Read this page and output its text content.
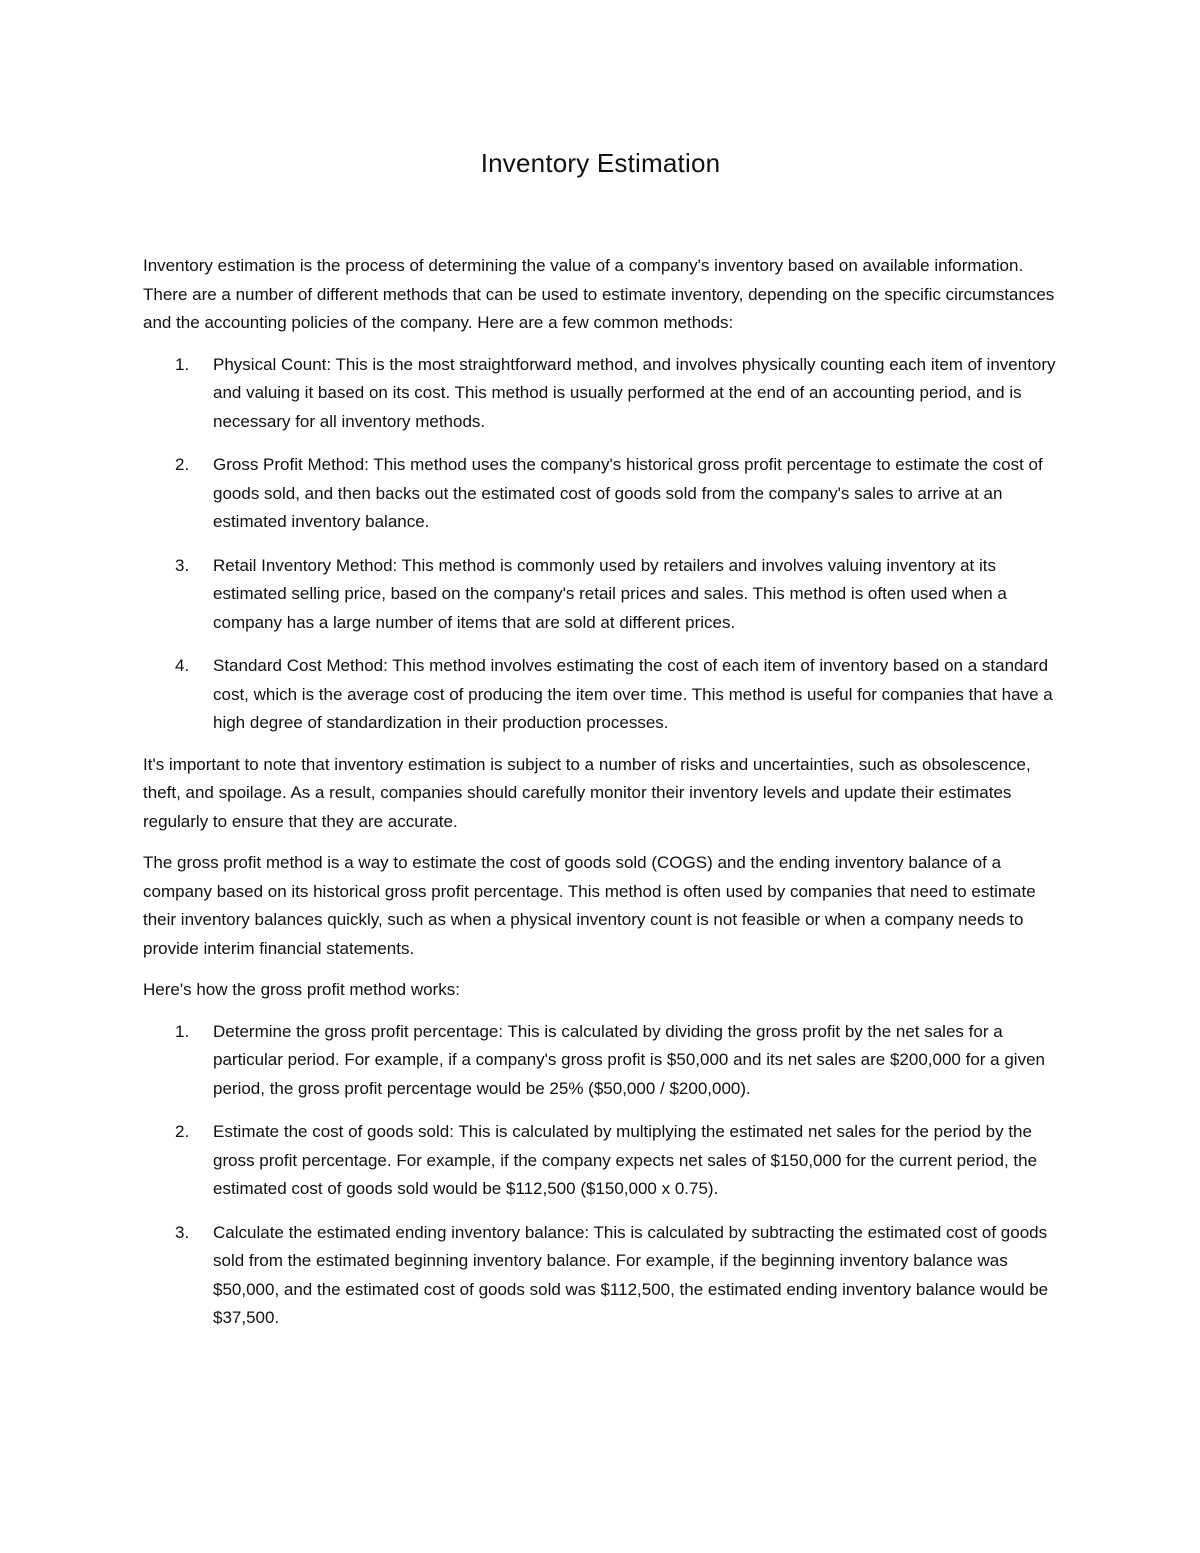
Inventory Estimation

Inventory estimation is the process of determining the value of a company's inventory based on available information. There are a number of different methods that can be used to estimate inventory, depending on the specific circumstances and the accounting policies of the company. Here are a few common methods:

1. Physical Count: This is the most straightforward method, and involves physically counting each item of inventory and valuing it based on its cost. This method is usually performed at the end of an accounting period, and is necessary for all inventory methods.
2. Gross Profit Method: This method uses the company's historical gross profit percentage to estimate the cost of goods sold, and then backs out the estimated cost of goods sold from the company's sales to arrive at an estimated inventory balance.
3. Retail Inventory Method: This method is commonly used by retailers and involves valuing inventory at its estimated selling price, based on the company's retail prices and sales. This method is often used when a company has a large number of items that are sold at different prices.
4. Standard Cost Method: This method involves estimating the cost of each item of inventory based on a standard cost, which is the average cost of producing the item over time. This method is useful for companies that have a high degree of standardization in their production processes.

It's important to note that inventory estimation is subject to a number of risks and uncertainties, such as obsolescence, theft, and spoilage. As a result, companies should carefully monitor their inventory levels and update their estimates regularly to ensure that they are accurate.

The gross profit method is a way to estimate the cost of goods sold (COGS) and the ending inventory balance of a company based on its historical gross profit percentage. This method is often used by companies that need to estimate their inventory balances quickly, such as when a physical inventory count is not feasible or when a company needs to provide interim financial statements.

Here's how the gross profit method works:

1. Determine the gross profit percentage: This is calculated by dividing the gross profit by the net sales for a particular period. For example, if a company's gross profit is $50,000 and its net sales are $200,000 for a given period, the gross profit percentage would be 25% ($50,000 / $200,000).
2. Estimate the cost of goods sold: This is calculated by multiplying the estimated net sales for the period by the gross profit percentage. For example, if the company expects net sales of $150,000 for the current period, the estimated cost of goods sold would be $112,500 ($150,000 x 0.75).
3. Calculate the estimated ending inventory balance: This is calculated by subtracting the estimated cost of goods sold from the estimated beginning inventory balance. For example, if the beginning inventory balance was $50,000, and the estimated cost of goods sold was $112,500, the estimated ending inventory balance would be $37,500.
